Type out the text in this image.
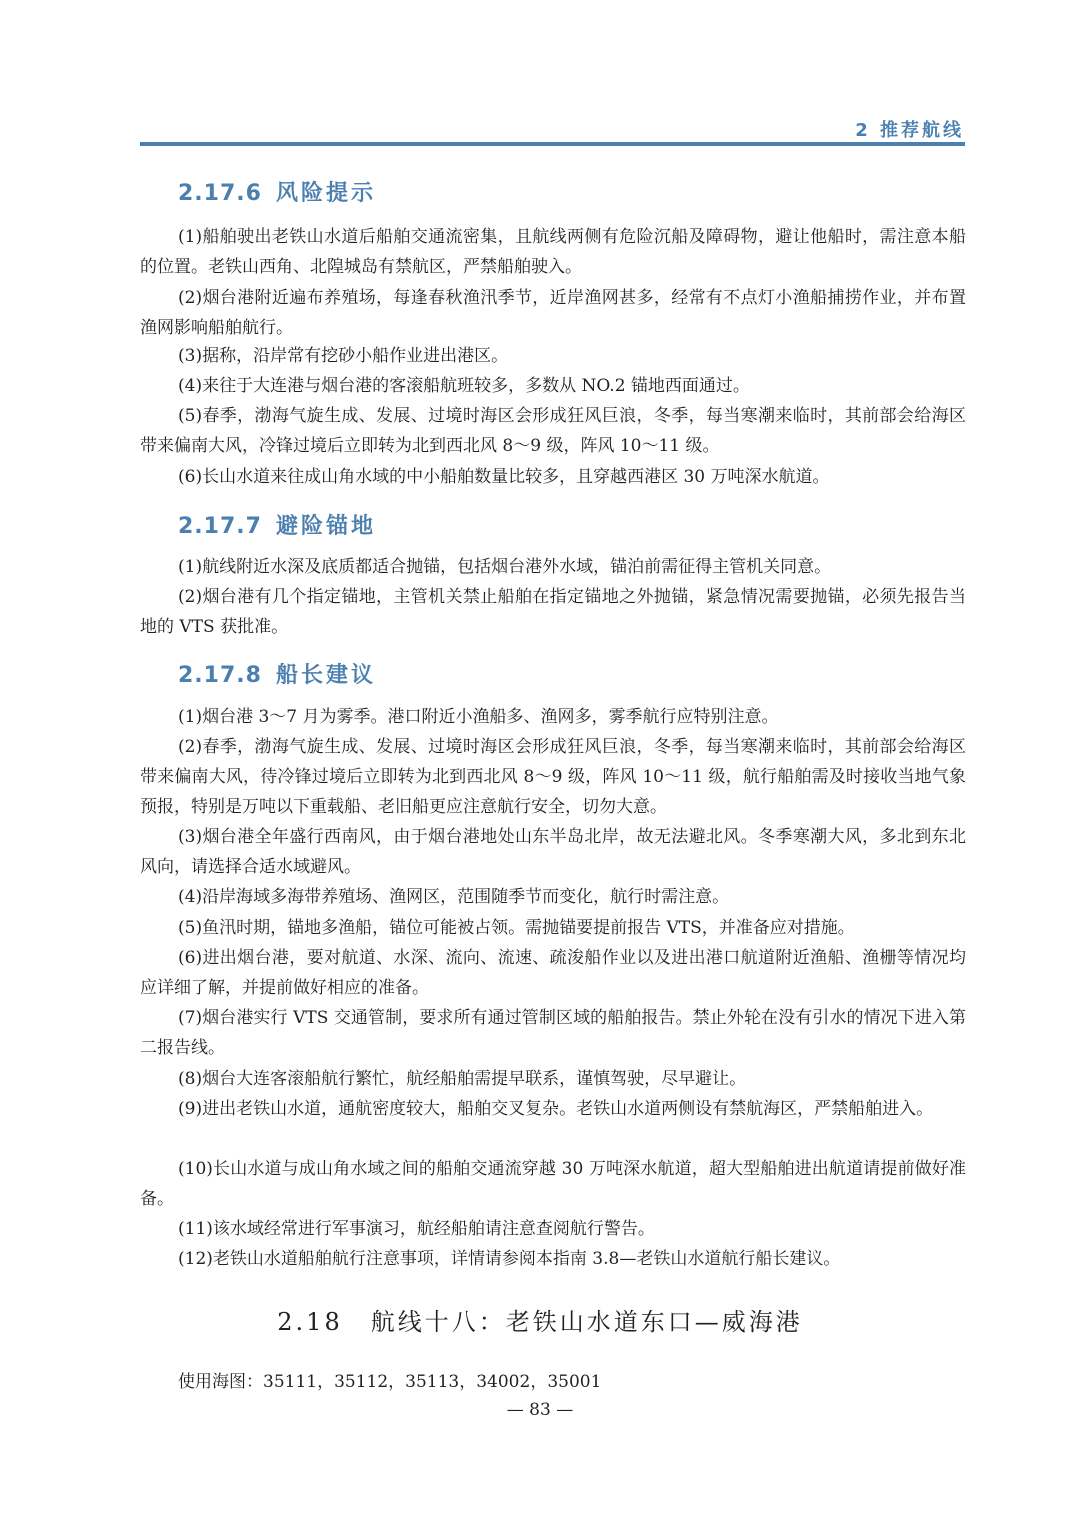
2 推荐航线
2.17.6 风险提示

(1)船舶驶出老铁山水道后船舶交通流密集，且航线两侧有危险沉船及障碍物，避让他船时，需注意本船的位置。老铁山西角、北隍城岛有禁航区，严禁船舶驶入。

(2)烟台港附近遍布养殖场，每逢春秋渔汛季节，近岸渔网甚多，经常有不点灯小渔船捕捞作业，并布置渔网影响船舶航行。

(3)据称，沿岸常有挖砂小船作业进出港区。

(4)来往于大连港与烟台港的客滚船航班较多，多数从 NO.2 锚地西面通过。

(5)春季，渤海气旋生成、发展、过境时海区会形成狂风巨浪，冬季，每当寒潮来临时，其前部会给海区带来偏南大风，冷锋过境后立即转为北到西北风 8～9 级，阵风 10～11 级。

(6)长山水道来往成山角水域的中小船舶数量比较多，且穿越西港区 30 万吨深水航道。

2.17.7 避险锚地

(1)航线附近水深及底质都适合抛锚，包括烟台港外水域，锚泊前需征得主管机关同意。

(2)烟台港有几个指定锚地，主管机关禁止船舶在指定锚地之外抛锚，紧急情况需要抛锚，必须先报告当地的 VTS 获批准。

2.17.8 船长建议

(1)烟台港 3～7 月为雾季。港口附近小渔船多、渔网多，雾季航行应特别注意。

(2)春季，渤海气旋生成、发展、过境时海区会形成狂风巨浪，冬季，每当寒潮来临时，其前部会给海区带来偏南大风，待冷锋过境后立即转为北到西北风 8～9 级，阵风 10～11 级，航行船舶需及时接收当地气象预报，特别是万吨以下重载船、老旧船更应注意航行安全，切勿大意。

(3)烟台港全年盛行西南风，由于烟台港地处山东半岛北岸，故无法避北风。冬季寒潮大风，多北到东北风向，请选择合适水域避风。

(4)沿岸海域多海带养殖场、渔网区，范围随季节而变化，航行时需注意。

(5)鱼汛时期，锚地多渔船，锚位可能被占领。需抛锚要提前报告 VTS，并准备应对措施。

(6)进出烟台港，要对航道、水深、流向、流速、疏浚船作业以及进出港口航道附近渔船、渔栅等情况均应详细了解，并提前做好相应的准备。

(7)烟台港实行 VTS 交通管制，要求所有通过管制区域的船舶报告。禁止外轮在没有引水的情况下进入第二报告线。

(8)烟台大连客滚船航行繁忙，航经船舶需提早联系，谨慎驾驶，尽早避让。

(9)进出老铁山水道，通航密度较大，船舶交叉复杂。老铁山水道两侧设有禁航海区，严禁船舶进入。

(10)长山水道与成山角水域之间的船舶交通流穿越 30 万吨深水航道，超大型船舶进出航道请提前做好准备。

(11)该水域经常进行军事演习，航经船舶请注意查阅航行警告。

(12)老铁山水道船舶航行注意事项，详情请参阅本指南 3.8—老铁山水道航行船长建议。

2.18 航线十八：老铁山水道东口—威海港
使用海图：35111，35112，35113，34002，35001
— 83 —
